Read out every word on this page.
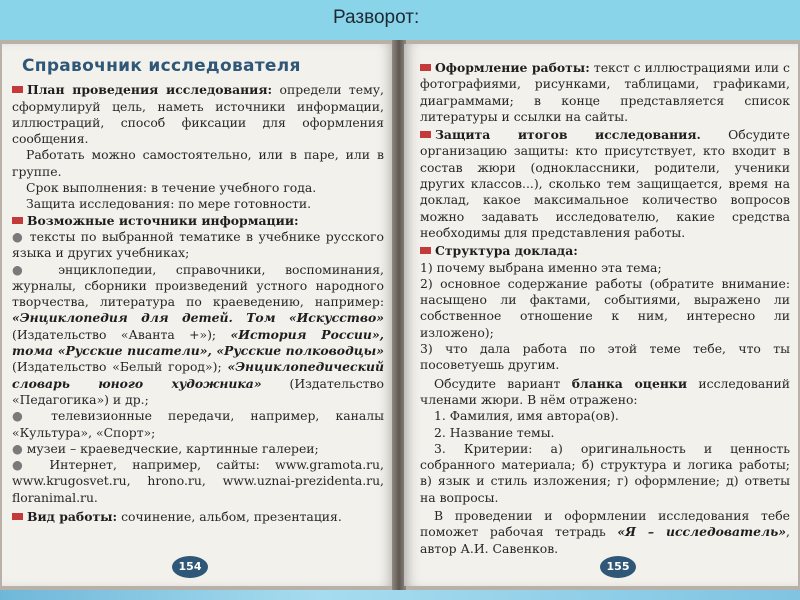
Разворот:
Справочник исследователя

План проведения исследования: определи тему, сформулируй цель, наметь источники информации, иллюстраций, способ фиксации для оформления сообщения.

Работать можно самостоятельно, или в паре, или в группе.

Срок выполнения: в течение учебного года.

Защита исследования: по мере готовности.

Возможные источники информации:

● тексты по выбранной тематике в учебнике русского языка и других учебниках;

● энциклопедии, справочники, воспоминания, журналы, сборники произведений устного народного творчества, литература по краеведению, например: «Энциклопедия для детей. Том «Искусство» (Издательство «Аванта +»); «История России», тома «Русские писатели», «Русские полководцы» (Издательство «Белый город»); «Энциклопедический словарь юного художника» (Издательство «Педагогика») и др.;

● телевизионные передачи, например, каналы «Культура», «Спорт»;

● музеи – краеведческие, картинные галереи;

● Интернет, например, сайты: www.gramota.ru, www.krugosvet.ru, hrono.ru, www.uznai-prezidenta.ru, floranimal.ru.

Вид работы: сочинение, альбом, презентация.

154

Оформление работы: текст с иллюстрациями или с фотографиями, рисунками, таблицами, графиками, диаграммами; в конце представляется список литературы и ссылки на сайты.

Защита итогов исследования. Обсудите организацию защиты: кто присутствует, кто входит в состав жюри (одноклассники, родители, ученики других классов...), сколько тем защищается, время на доклад, какое максимальное количество вопросов можно задавать исследователю, какие средства необходимы для представления работы.

Структура доклада:

1) почему выбрана именно эта тема;

2) основное содержание работы (обратите внимание: насыщено ли фактами, событиями, выражено ли собственное отношение к ним, интересно ли изложено);

3) что дала работа по этой теме тебе, что ты посоветуешь другим.

Обсудите вариант бланка оценки исследований членами жюри. В нём отражено:

1. Фамилия, имя автора(ов).

2. Название темы.

3. Критерии: а) оригинальность и ценность собранного материала; б) структура и логика работы; в) язык и стиль изложения; г) оформление; д) ответы на вопросы.

В проведении и оформлении исследования тебе поможет рабочая тетрадь «Я – исследователь», автор А.И. Савенков.

155
